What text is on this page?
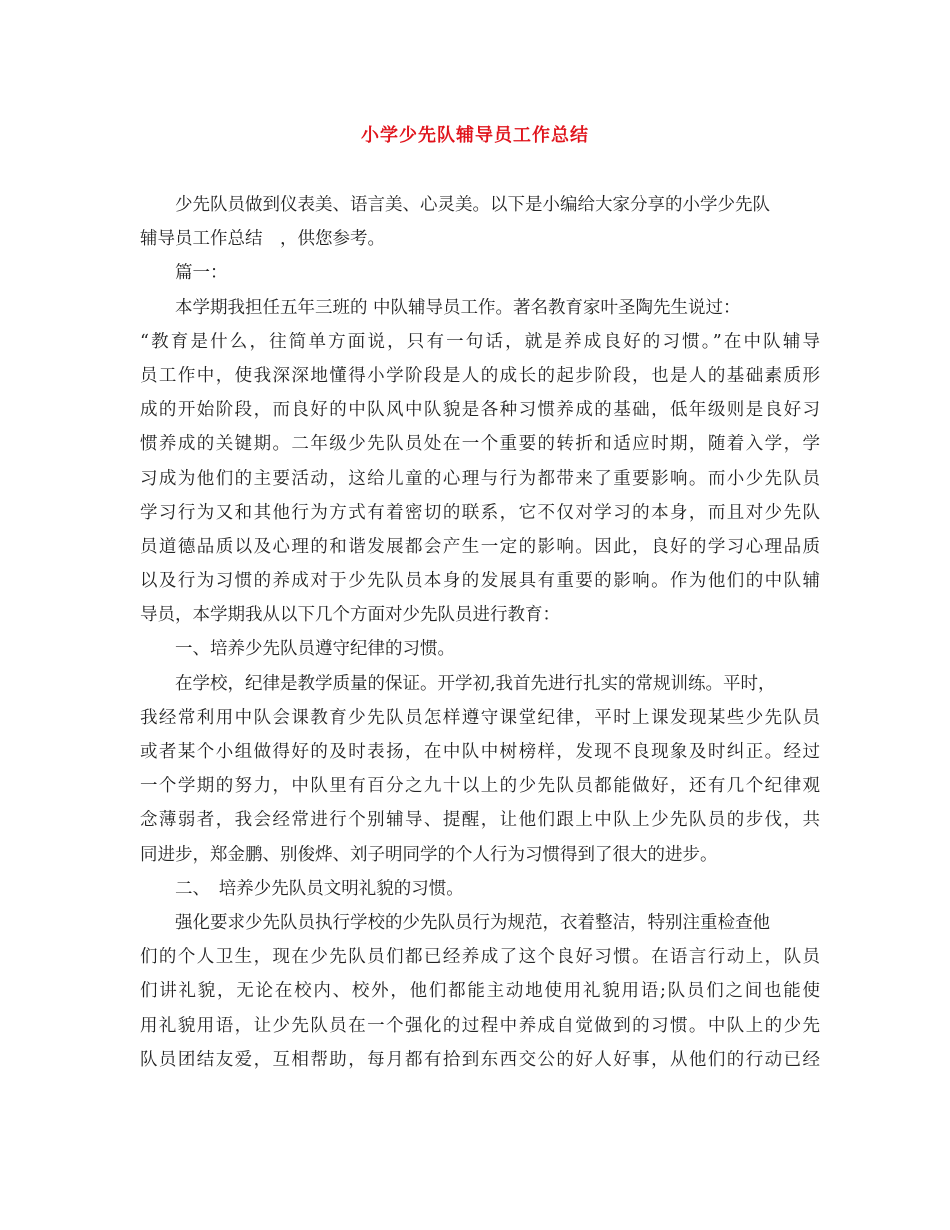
小学少先队辅导员工作总结
少先队员做到仪表美、语言美、心灵美。以下是小编给大家分享的小学少先队
辅导员工作总结　，供您参考。
篇一：
本学期我担任五年三班的 中队辅导员工作。著名教育家叶圣陶先生说过：
“教育是什么，往简单方面说，只有一句话，就是养成良好的习惯。”在中队辅导
员工作中，使我深深地懂得小学阶段是人的成长的起步阶段，也是人的基础素质形
成的开始阶段，而良好的中队风中队貌是各种习惯养成的基础，低年级则是良好习
惯养成的关键期。二年级少先队员处在一个重要的转折和适应时期，随着入学，学
习成为他们的主要活动，这给儿童的心理与行为都带来了重要影响。而小少先队员
学习行为又和其他行为方式有着密切的联系，它不仅对学习的本身，而且对少先队
员道德品质以及心理的和谐发展都会产生一定的影响。因此，良好的学习心理品质
以及行为习惯的养成对于少先队员本身的发展具有重要的影响。作为他们的中队辅
导员，本学期我从以下几个方面对少先队员进行教育：
一、培养少先队员遵守纪律的习惯。
在学校，纪律是教学质量的保证。开学初,我首先进行扎实的常规训练。平时，
我经常利用中队会课教育少先队员怎样遵守课堂纪律，平时上课发现某些少先队员
或者某个小组做得好的及时表扬，在中队中树榜样，发现不良现象及时纠正。经过
一个学期的努力，中队里有百分之九十以上的少先队员都能做好，还有几个纪律观
念薄弱者，我会经常进行个别辅导、提醒，让他们跟上中队上少先队员的步伐，共
同进步，郑金鹏、别俊烨、刘子明同学的个人行为习惯得到了很大的进步。
二、　培养少先队员文明礼貌的习惯。
强化要求少先队员执行学校的少先队员行为规范，衣着整洁，特别注重检查他
们的个人卫生，现在少先队员们都已经养成了这个良好习惯。在语言行动上，队员
们讲礼貌，无论在校内、校外，他们都能主动地使用礼貌用语;队员们之间也能使
用礼貌用语，让少先队员在一个强化的过程中养成自觉做到的习惯。中队上的少先
队员团结友爱，互相帮助，每月都有拾到东西交公的好人好事，从他们的行动已经
